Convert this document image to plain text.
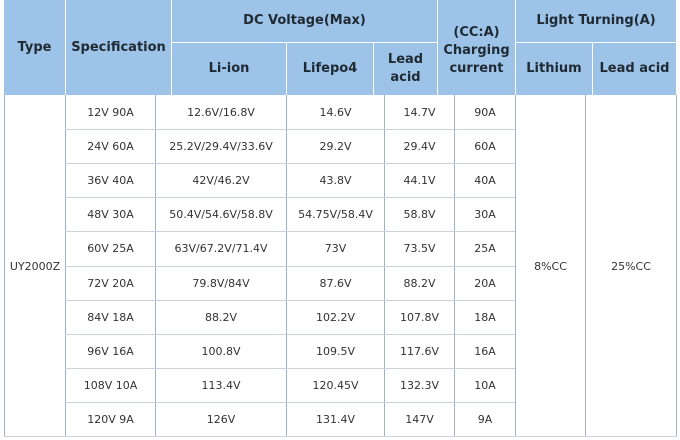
Type	Specification
DC Voltage(Max)
Li-ion	Lifepo4
Lead
acid
(CC:A)
Charging
current
Light Turning(A)
Lithium	Lead acid
UY2000Z	8%CC	25%CC
12V 90A	12.6V/16.8V	14.6V	14.7V	90A
24V 60A	25.2V/29.4V/33.6V	29.2V	29.4V	60A
36V 40A	42V/46.2V	43.8V	44.1V	40A
48V 30A	50.4V/54.6V/58.8V	54.75V/58.4V	58.8V	30A
60V 25A	63V/67.2V/71.4V	73V	73.5V	25A
72V 20A	79.8V/84V	87.6V	88.2V	20A
84V 18A	88.2V	102.2V	107.8V	18A
96V 16A	100.8V	109.5V	117.6V	16A
108V 10A	113.4V	120.45V	132.3V	10A
120V 9A	126V	131.4V	147V	9A
